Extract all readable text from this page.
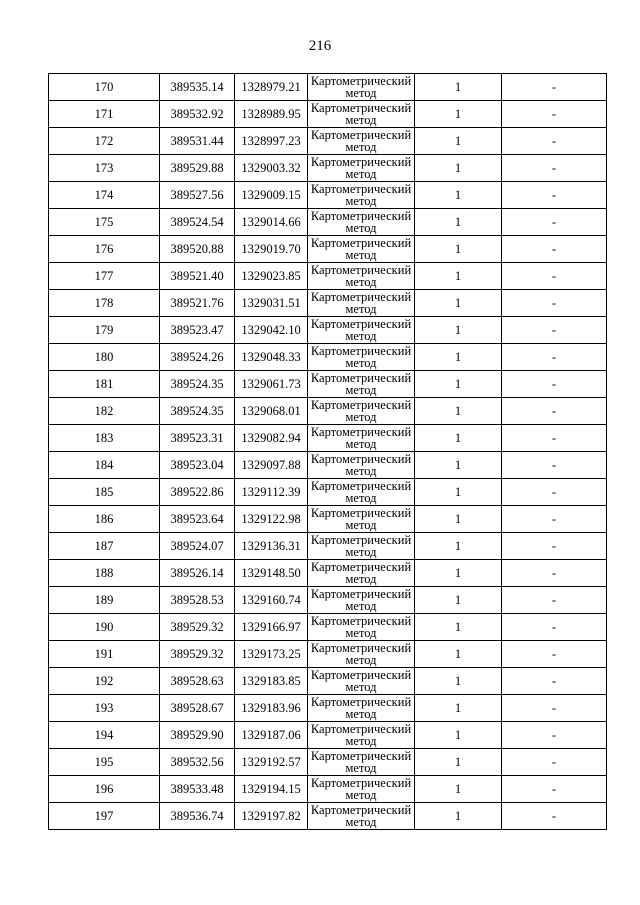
216
170	389535.14	1328979.21	Картометрический метод	1	-
171	389532.92	1328989.95	Картометрический метод	1	-
172	389531.44	1328997.23	Картометрический метод	1	-
173	389529.88	1329003.32	Картометрический метод	1	-
174	389527.56	1329009.15	Картометрический метод	1	-
175	389524.54	1329014.66	Картометрический метод	1	-
176	389520.88	1329019.70	Картометрический метод	1	-
177	389521.40	1329023.85	Картометрический метод	1	-
178	389521.76	1329031.51	Картометрический метод	1	-
179	389523.47	1329042.10	Картометрический метод	1	-
180	389524.26	1329048.33	Картометрический метод	1	-
181	389524.35	1329061.73	Картометрический метод	1	-
182	389524.35	1329068.01	Картометрический метод	1	-
183	389523.31	1329082.94	Картометрический метод	1	-
184	389523.04	1329097.88	Картометрический метод	1	-
185	389522.86	1329112.39	Картометрический метод	1	-
186	389523.64	1329122.98	Картометрический метод	1	-
187	389524.07	1329136.31	Картометрический метод	1	-
188	389526.14	1329148.50	Картометрический метод	1	-
189	389528.53	1329160.74	Картометрический метод	1	-
190	389529.32	1329166.97	Картометрический метод	1	-
191	389529.32	1329173.25	Картометрический метод	1	-
192	389528.63	1329183.85	Картометрический метод	1	-
193	389528.67	1329183.96	Картометрический метод	1	-
194	389529.90	1329187.06	Картометрический метод	1	-
195	389532.56	1329192.57	Картометрический метод	1	-
196	389533.48	1329194.15	Картометрический метод	1	-
197	389536.74	1329197.82	Картометрический метод	1	-
